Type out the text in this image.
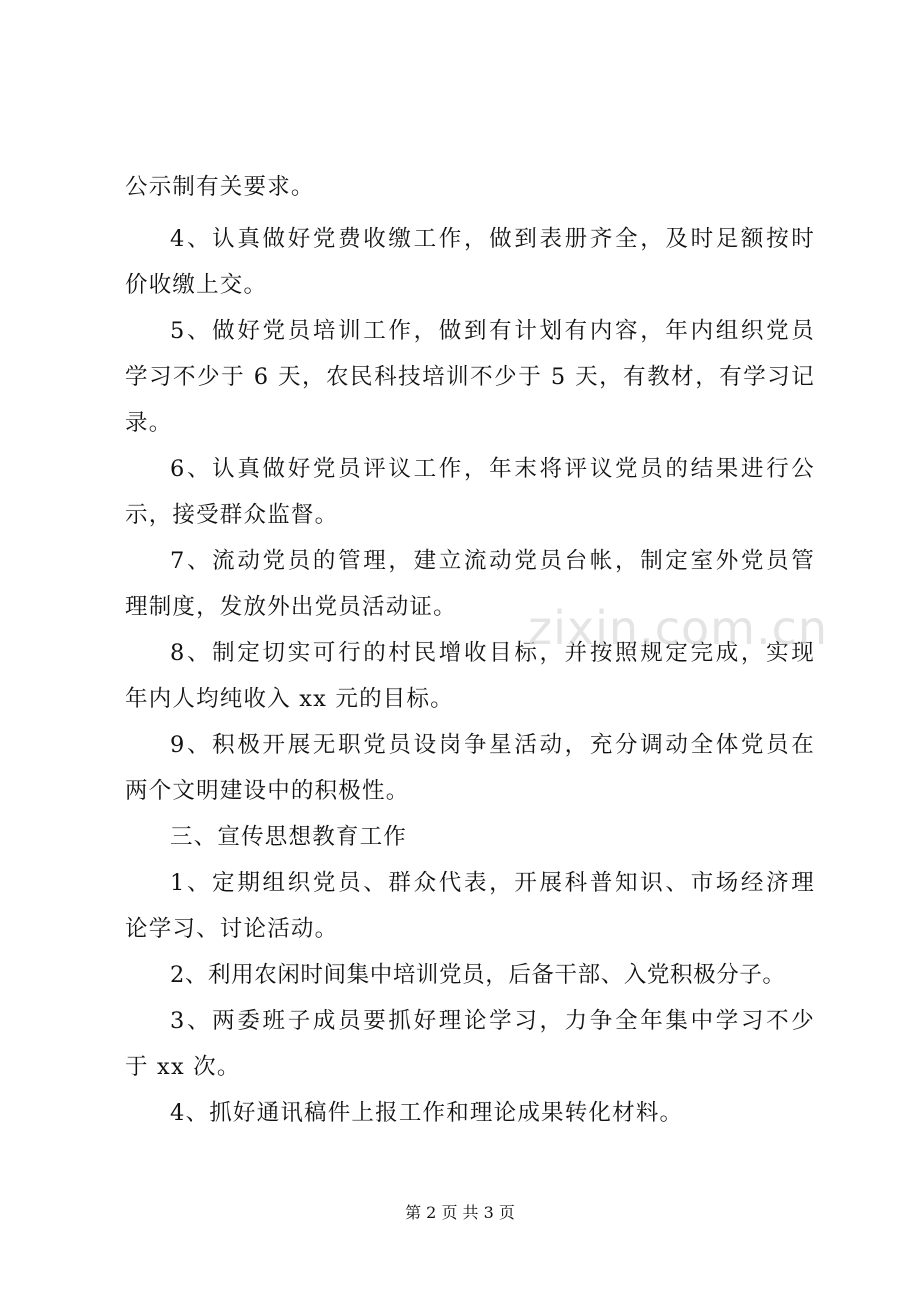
公示制有关要求。
4、认真做好党费收缴工作，做到表册齐全，及时足额按时
价收缴上交。
5、做好党员培训工作，做到有计划有内容，年内组织党员
学习不少于 6 天，农民科技培训不少于 5 天，有教材，有学习记
录。
6、认真做好党员评议工作，年末将评议党员的结果进行公
示，接受群众监督。
7、流动党员的管理，建立流动党员台帐，制定室外党员管
理制度，发放外出党员活动证。
8、制定切实可行的村民增收目标，并按照规定完成，实现
年内人均纯收入 xx 元的目标。
9、积极开展无职党员设岗争星活动，充分调动全体党员在
两个文明建设中的积极性。
三、宣传思想教育工作
1、定期组织党员、群众代表，开展科普知识、市场经济理
论学习、讨论活动。
2、利用农闲时间集中培训党员，后备干部、入党积极分子。
3、两委班子成员要抓好理论学习，力争全年集中学习不少
于 xx 次。
4、抓好通讯稿件上报工作和理论成果转化材料。
zixin.com.cn
第 2 页 共 3 页
